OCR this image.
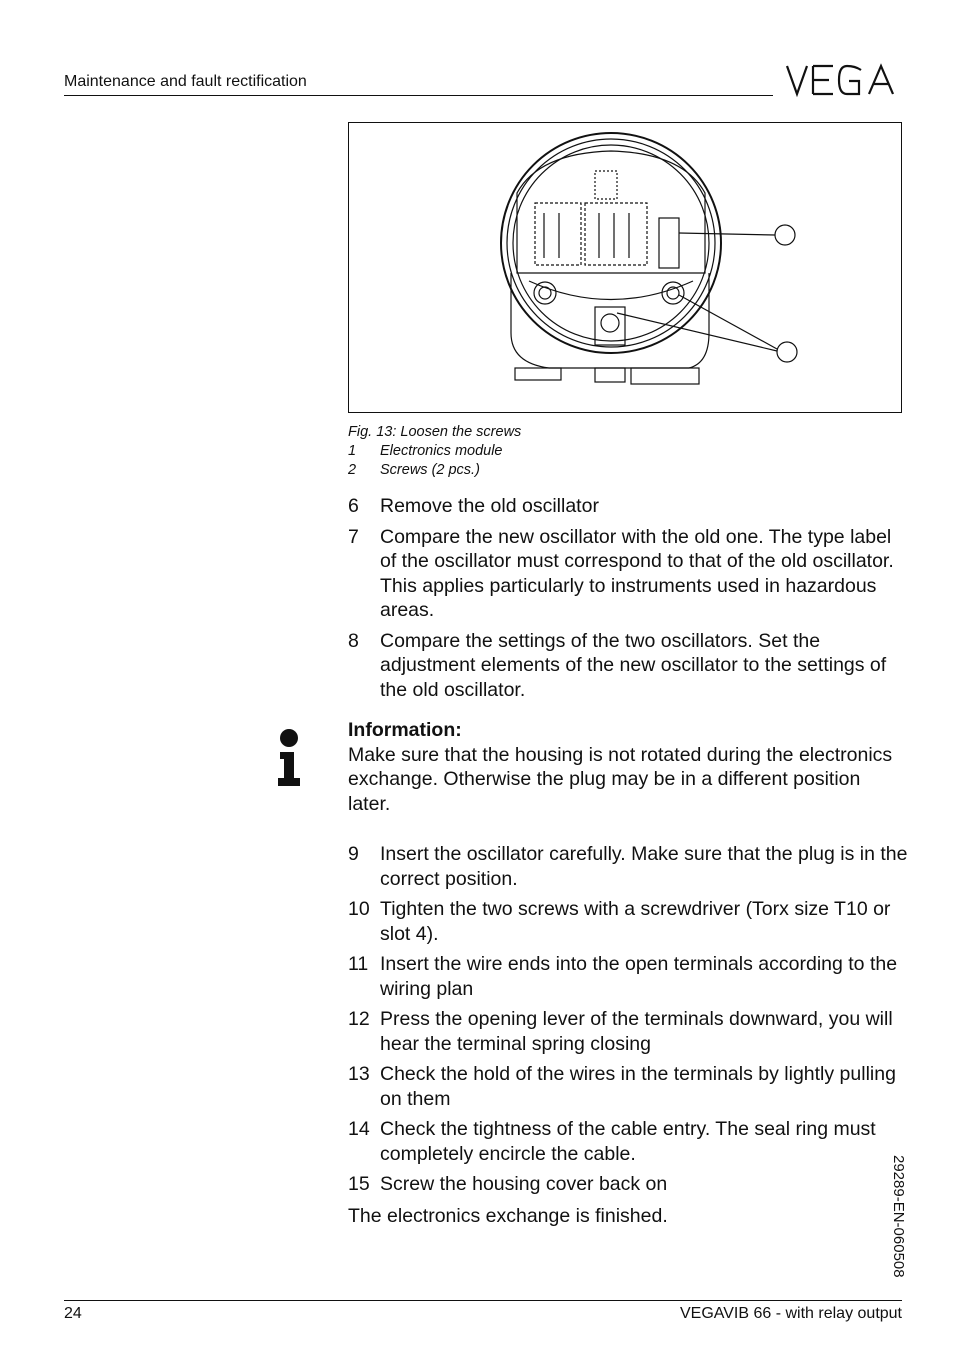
Maintenance and fault rectification
Fig. 13: Loosen the screws
1 Electronics module
2 Screws (2 pcs.)
6	Remove the old oscillator
7	Compare the new oscillator with the old one. The type label of the oscillator must correspond to that of the old oscillator. This applies particularly to instruments used in hazardous areas.
8	Compare the settings of the two oscillators. Set the adjustment elements of the new oscillator to the settings of the old oscillator.
Information:
Make sure that the housing is not rotated during the electronics exchange. Otherwise the plug may be in a different position later.
9	Insert the oscillator carefully. Make sure that the plug is in the correct position.
10 Tighten the two screws with a screwdriver (Torx size T10 or slot 4).
11 Insert the wire ends into the open terminals according to the wiring plan
12 Press the opening lever of the terminals downward, you will hear the terminal spring closing
13 Check the hold of the wires in the terminals by lightly pulling on them
14 Check the tightness of the cable entry. The seal ring must completely encircle the cable.
15 Screw the housing cover back on
The electronics exchange is finished.	29289-EN-060508
24	VEGAVIB 66 - with relay output
